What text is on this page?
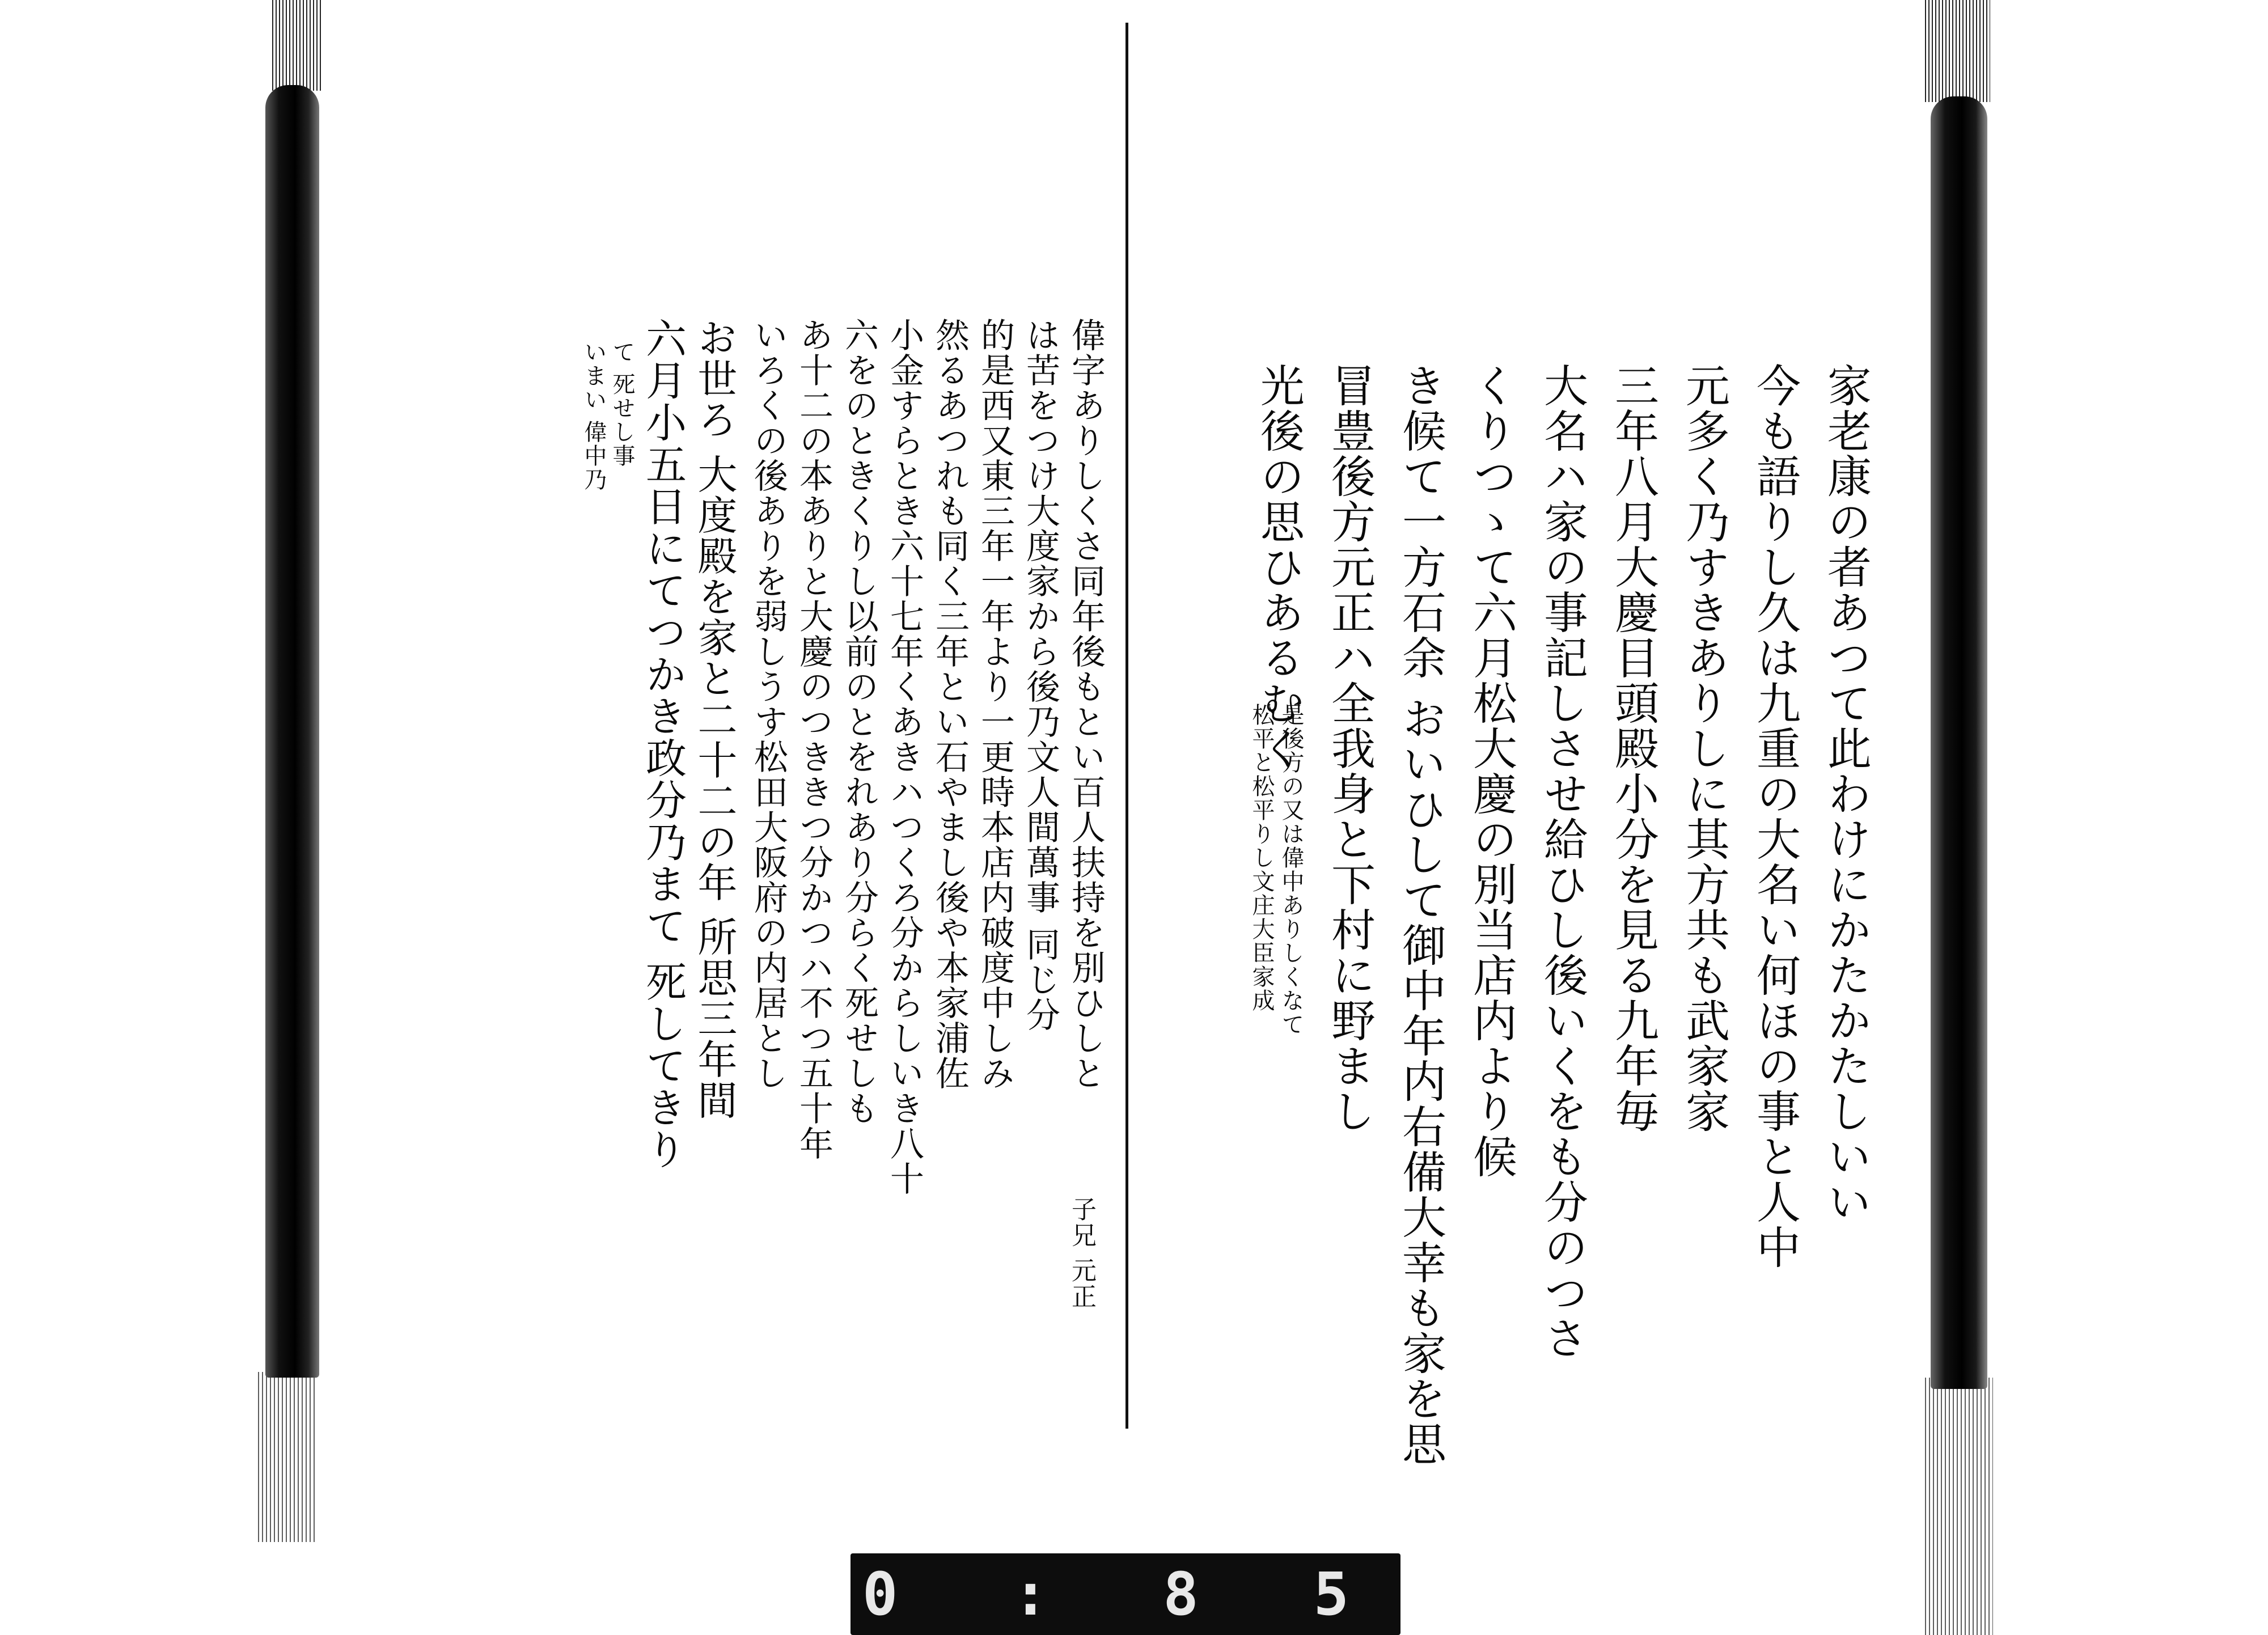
家老康の者あつて此わけにかたかたしいい
今も語りし久は九重の大名い何ほの事と人中
元多く乃すきありしに其方共も武家家
三年八月大慶目頭殿小分を見る九年毎
大名ハ家の事記しさせ給ひし後いくをも分のつさ
くりつゝて六月松大慶の別当店内より候
き候て一方石余 おいひして御中年内右備大幸も家を思
冒豊後方元正ハ全我身と下村に野まし
光後の思ひあるむく
是後方の又は偉中ありしくなて
松平と松平りし文庄大臣家成
偉字ありしくさ同年後もとい百人扶持を別ひしと
は苦をつけ大度家から後乃文人間萬事 同じ分
的是西又東三年一年より一更時本店内破度中しみ
然るあつれも同く三年とい石やまし後や本家浦佐
小金すらとき六十七年くあきハつくろ分からしいき八十
六をのときくりし以前のとをれあり分らく死せしも
あ十二の本ありと大慶のつききつ分かつハ不つ五十年
いろくの後ありを弱しうす松田大阪府の内居とし
お世ろ 大度殿を家と二十二の年 所思三年間
六月小五日にてつかき政分乃まて 死してきり
て 死せし事
いまい 偉中乃
子兄 元正
0 : 8 5
